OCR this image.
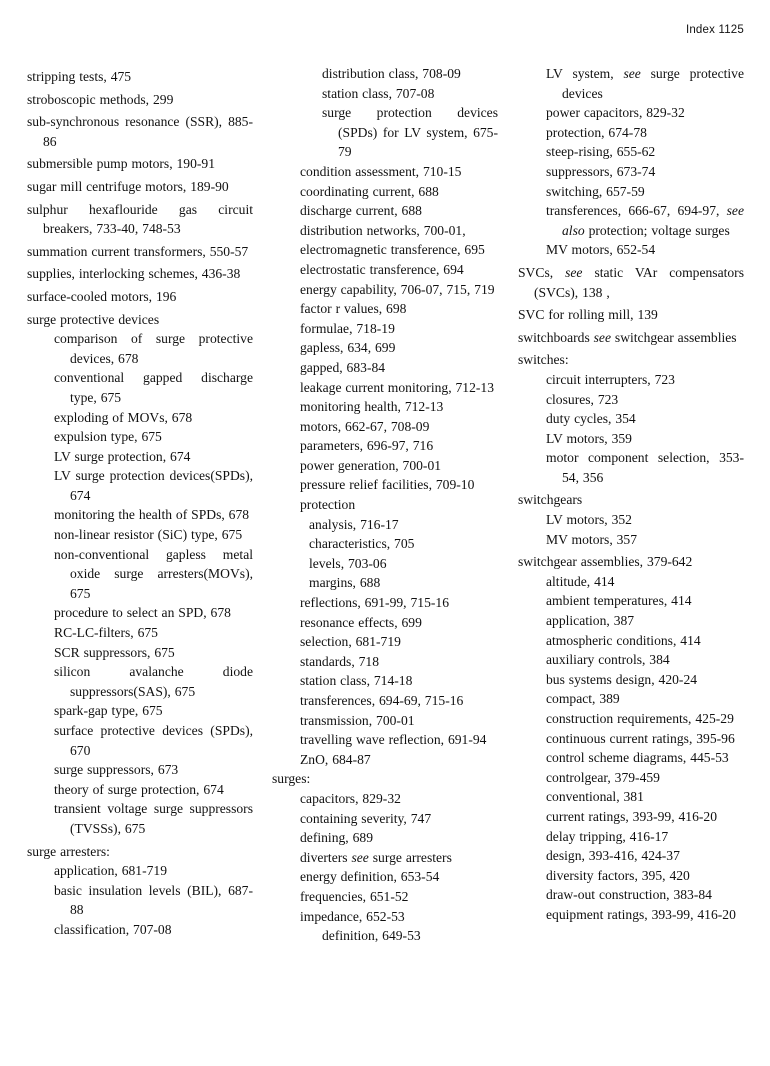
Index 1125
stripping tests, 475
stroboscopic methods, 299
sub-synchronous resonance (SSR), 885-86
submersible pump motors, 190-91
sugar mill centrifuge motors, 189-90
sulphur hexaflouride gas circuit breakers, 733-40, 748-53
summation current transformers, 550-57
supplies, interlocking schemes, 436-38
surface-cooled motors, 196
surge protective devices
comparison of surge protective devices, 678
conventional gapped discharge type, 675
exploding of MOVs, 678
expulsion type, 675
LV surge protection, 674
LV surge protection devices(SPDs), 674
monitoring the health of SPDs, 678
non-linear resistor (SiC) type, 675
non-conventional gapless metal oxide surge arresters(MOVs), 675
procedure to select an SPD, 678
RC-LC-filters, 675
SCR suppressors, 675
silicon avalanche diode suppressors(SAS), 675
spark-gap type, 675
surface protective devices (SPDs), 670
surge suppressors, 673
theory of surge protection, 674
transient voltage surge suppressors (TVSSs), 675
surge arresters:
application, 681-719
basic insulation levels (BIL), 687-88
classification, 707-08
distribution class, 708-09
station class, 707-08
surge protection devices (SPDs) for LV system, 675-79
condition assessment, 710-15
coordinating current, 688
discharge current, 688
distribution networks, 700-01,
electromagnetic transference, 695
electrostatic transference, 694
energy capability, 706-07, 715, 719
factor r values, 698
formulae, 718-19
gapless, 634, 699
gapped, 683-84
leakage current monitoring, 712-13
monitoring health, 712-13
motors, 662-67, 708-09
parameters, 696-97, 716
power generation, 700-01
pressure relief facilities, 709-10
protection
analysis, 716-17
characteristics, 705
levels, 703-06
margins, 688
reflections, 691-99, 715-16
resonance effects, 699
selection, 681-719
standards, 718
station class, 714-18
transferences, 694-69, 715-16
transmission, 700-01
travelling wave reflection, 691-94
ZnO, 684-87
surges:
capacitors, 829-32
containing severity, 747
defining, 689
diverters see surge arresters
energy definition, 653-54
frequencies, 651-52
impedance, 652-53
definition, 649-53
LV system, see surge protective devices
power capacitors, 829-32
protection, 674-78
steep-rising, 655-62
suppressors, 673-74
switching, 657-59
transferences, 666-67, 694-97, see also protection; voltage surges
MV motors, 652-54
SVCs, see static VAr compensators (SVCs), 138 ,
SVC for rolling mill, 139
switchboards see switchgear assemblies
switches:
circuit interrupters, 723
closures, 723
duty cycles, 354
LV motors, 359
motor component selection, 353-54, 356
switchgears
LV motors, 352
MV motors, 357
switchgear assemblies, 379-642
altitude, 414
ambient temperatures, 414
application, 387
atmospheric conditions, 414
auxiliary controls, 384
bus systems design, 420-24
compact, 389
construction requirements, 425-29
continuous current ratings, 395-96
control scheme diagrams, 445-53
controlgear, 379-459
conventional, 381
current ratings, 393-99, 416-20
delay tripping, 416-17
design, 393-416, 424-37
diversity factors, 395, 420
draw-out construction, 383-84
equipment ratings, 393-99, 416-20
